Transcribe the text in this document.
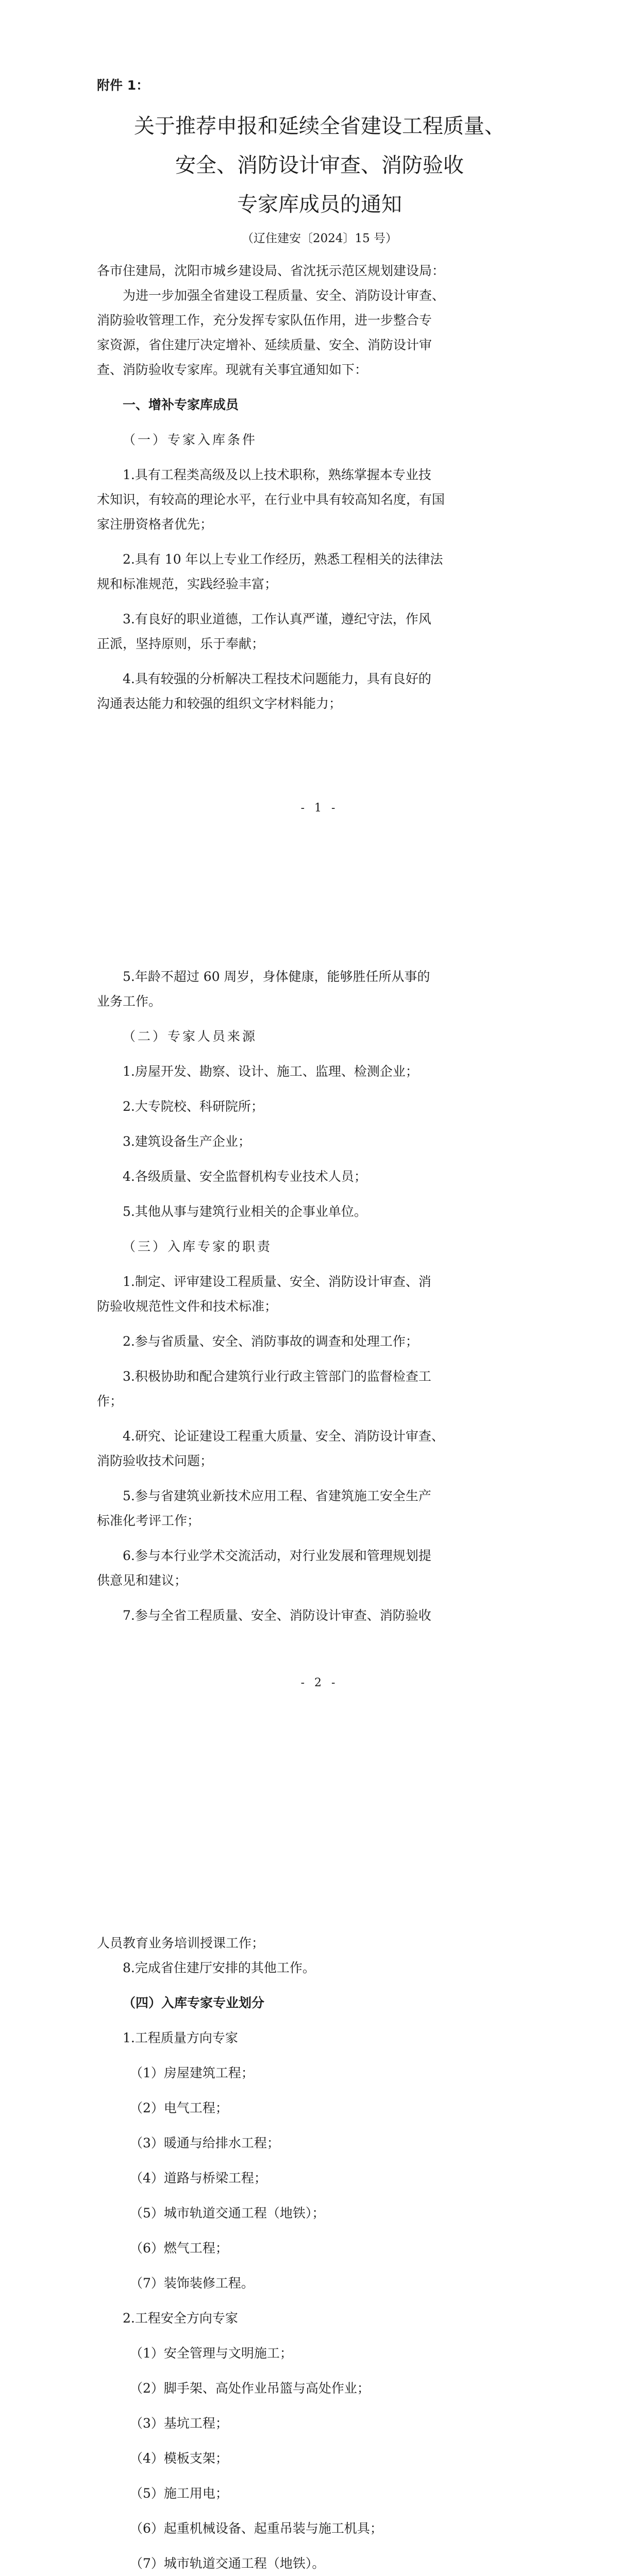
附件 1：

关于推荐申报和延续全省建设工程质量、

安全、消防设计审查、消防验收

专家库成员的通知

（辽住建安〔2024〕15 号）

各市住建局，沈阳市城乡建设局、省沈抚示范区规划建设局：

为进一步加强全省建设工程质量、安全、消防设计审查、

消防验收管理工作，充分发挥专家队伍作用，进一步整合专

家资源，省住建厅决定增补、延续质量、安全、消防设计审

查、消防验收专家库。现就有关事宜通知如下：

一、增补专家库成员

（一）专家入库条件

1.具有工程类高级及以上技术职称，熟练掌握本专业技

术知识，有较高的理论水平，在行业中具有较高知名度，有国

家注册资格者优先；

2.具有 10 年以上专业工作经历，熟悉工程相关的法律法

规和标准规范，实践经验丰富；

3.有良好的职业道德，工作认真严谨，遵纪守法，作风

正派，坚持原则，乐于奉献；

4.具有较强的分析解决工程技术问题能力，具有良好的

沟通表达能力和较强的组织文字材料能力；

- 1 -

5.年龄不超过 60 周岁，身体健康，能够胜任所从事的

业务工作。

（二）专家人员来源

1.房屋开发、勘察、设计、施工、监理、检测企业；

2.大专院校、科研院所；

3.建筑设备生产企业；

4.各级质量、安全监督机构专业技术人员；

5.其他从事与建筑行业相关的企事业单位。

（三）入库专家的职责

1.制定、评审建设工程质量、安全、消防设计审查、消

防验收规范性文件和技术标准；

2.参与省质量、安全、消防事故的调查和处理工作；

3.积极协助和配合建筑行业行政主管部门的监督检查工

作；

4.研究、论证建设工程重大质量、安全、消防设计审查、

消防验收技术问题；

5.参与省建筑业新技术应用工程、省建筑施工安全生产

标准化考评工作；

6.参与本行业学术交流活动，对行业发展和管理规划提

供意见和建议；

7.参与全省工程质量、安全、消防设计审查、消防验收

- 2 -

人员教育业务培训授课工作；

8.完成省住建厅安排的其他工作。

（四）入库专家专业划分

1.工程质量方向专家

（1）房屋建筑工程；

（2）电气工程；

（3）暖通与给排水工程；

（4）道路与桥梁工程；

（5）城市轨道交通工程（地铁）；

（6）燃气工程；

（7）装饰装修工程。

2.工程安全方向专家

（1）安全管理与文明施工；

（2）脚手架、高处作业吊篮与高处作业；

（3）基坑工程；

（4）模板支架；

（5）施工用电；

（6）起重机械设备、起重吊装与施工机具；

（7）城市轨道交通工程（地铁）。
